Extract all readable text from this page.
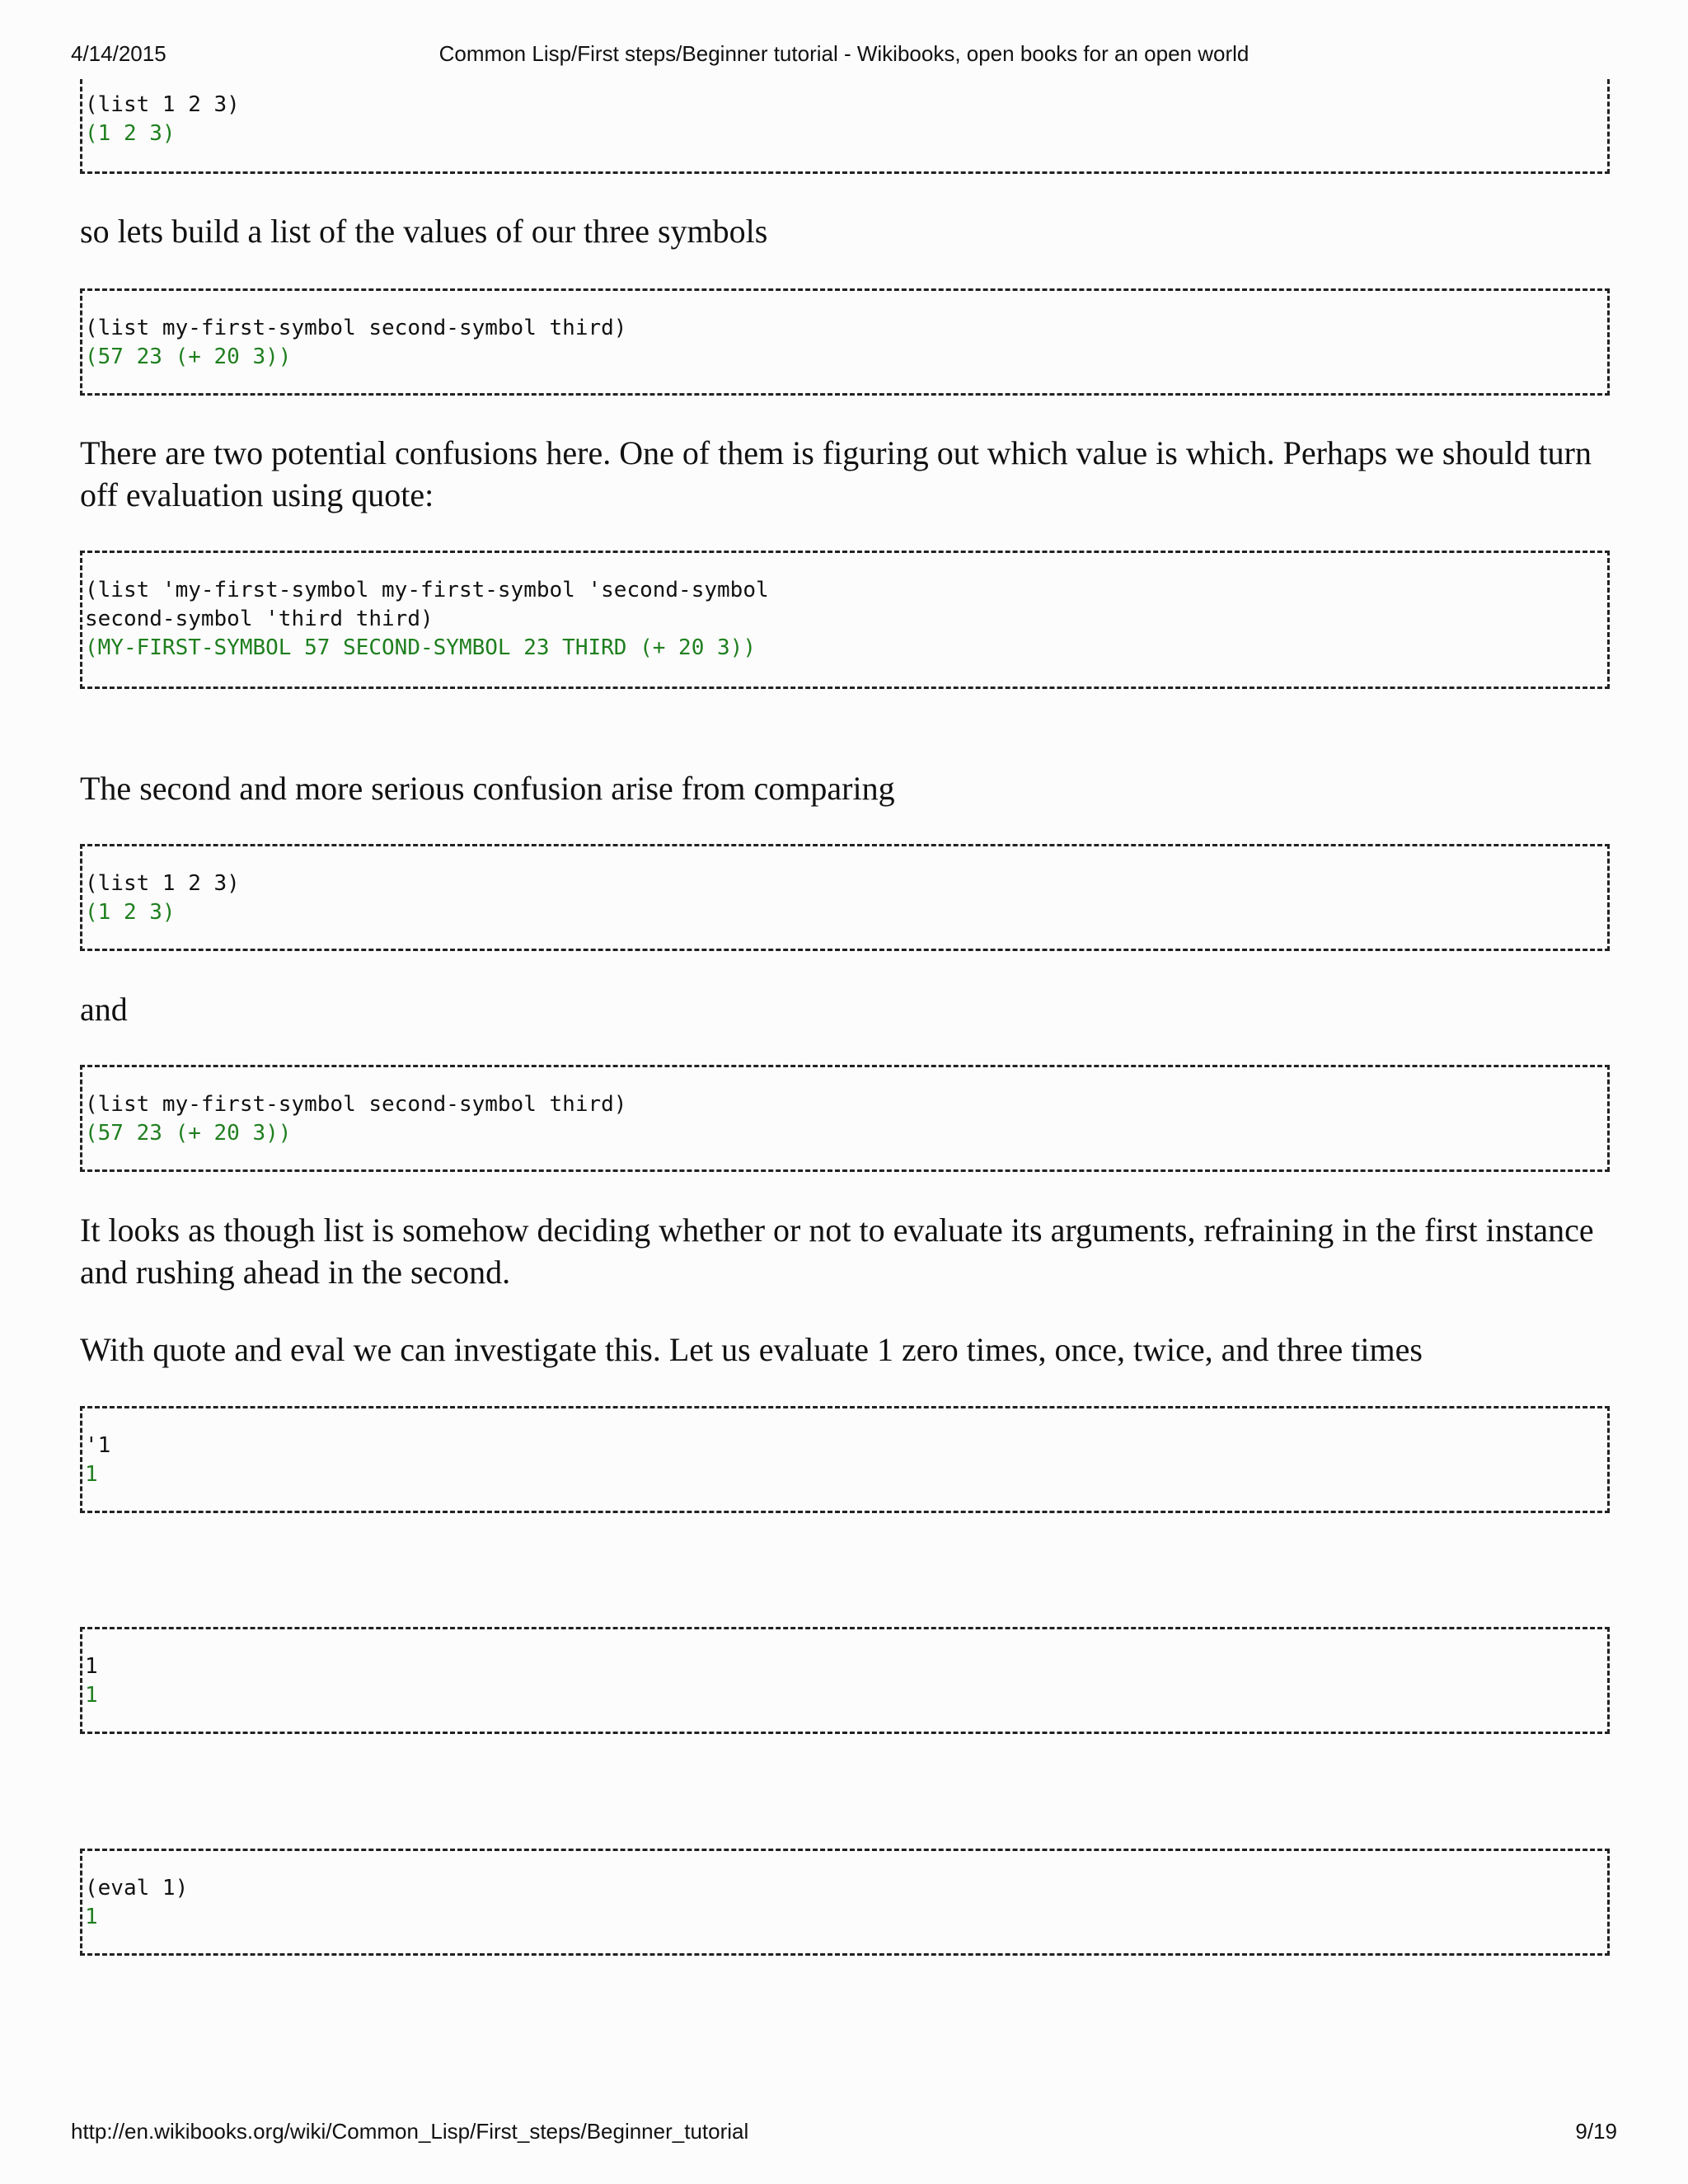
4/14/2015	Common Lisp/First steps/Beginner tutorial - Wikibooks, open books for an open world
(list 1 2 3)
(1 2 3)

so lets build a list of the values of our three symbols

(list my-first-symbol second-symbol third)
(57 23 (+ 20 3))

There are two potential confusions here. One of them is figuring out which value is which. Perhaps we should turn off evaluation using quote:

(list 'my-first-symbol my-first-symbol 'second-symbol
second-symbol 'third third)
(MY-FIRST-SYMBOL 57 SECOND-SYMBOL 23 THIRD (+ 20 3))

The second and more serious confusion arise from comparing

(list 1 2 3)
(1 2 3)

and

(list my-first-symbol second-symbol third)
(57 23 (+ 20 3))

It looks as though list is somehow deciding whether or not to evaluate its arguments, refraining in the first instance and rushing ahead in the second.

With quote and eval we can investigate this. Let us evaluate 1 zero times, once, twice, and three times

'1
1
1
1
(eval 1)
1
http://en.wikibooks.org/wiki/Common_Lisp/First_steps/Beginner_tutorial	9/19
